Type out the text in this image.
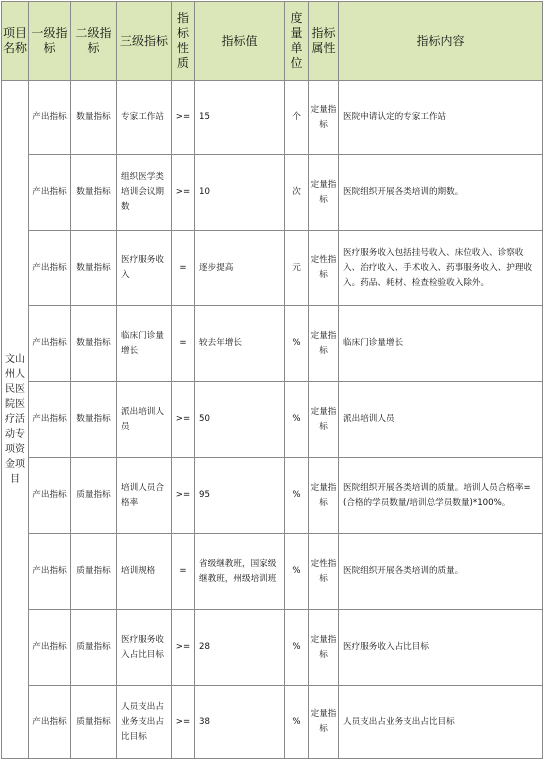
项目名称	一级指标	二级指标	三级指标	指标性质	指标值	度量单位	指标属性	指标内容
文山州人民医院医疗活动专项资金项目	产出指标	数量指标	专家工作站	>=	15	个	定量指标	医院申请认定的专家工作站
	产出指标	数量指标	组织医学类培训会议期数	>=	10	次	定量指标	医院组织开展各类培训的期数。
	产出指标	数量指标	医疗服务收入	=	逐步提高	元	定性指标	医疗服务收入包括挂号收入、床位收入、诊察收入、治疗收入、手术收入、药事服务收入、护理收入。药品、耗材、检查检验收入除外。
	产出指标	数量指标	临床门诊量增长	=	较去年增长	%	定量指标	临床门诊量增长
	产出指标	数量指标	派出培训人员	>=	50	%	定量指标	派出培训人员
	产出指标	质量指标	培训人员合格率	>=	95	%	定量指标	医院组织开展各类培训的质量。培训人员合格率=(合格的学员数量/培训总学员数量)*100%。
	产出指标	质量指标	培训规格	=	省级继教班，国家级继教班，州级培训班	%	定性指标	医院组织开展各类培训的质量。
	产出指标	质量指标	医疗服务收入占比目标	>=	28	%	定量指标	医疗服务收入占比目标
	产出指标	质量指标	人员支出占业务支出占比目标	>=	38	%	定量指标	人员支出占业务支出占比目标
